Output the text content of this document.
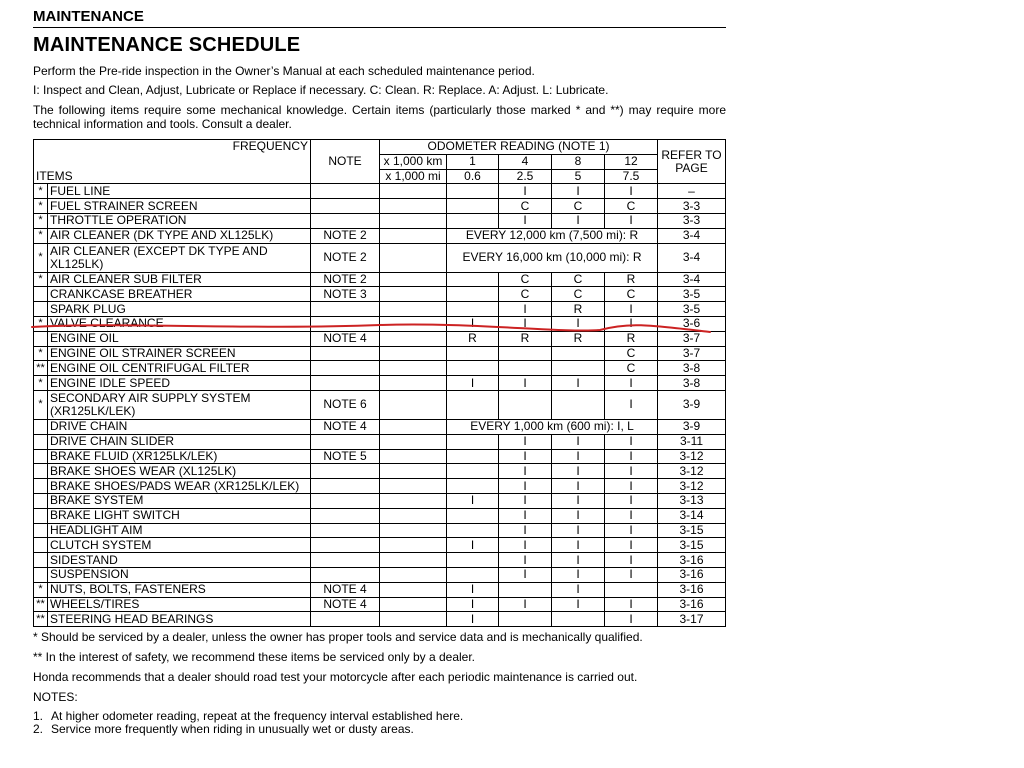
MAINTENANCE
MAINTENANCE SCHEDULE
Perform the Pre-ride inspection in the Owner’s Manual at each scheduled maintenance period.
I: Inspect and Clean, Adjust, Lubricate or Replace if necessary. C: Clean. R: Replace. A: Adjust. L: Lubricate.
The following items require some mechanical knowledge. Certain items (particularly those marked * and **) may require more technical information and tools. Consult a dealer.
FREQUENCY		NOTE	ODOMETER READING (NOTE 1)					REFER TO PAGE
ITEMS			x 1,000 km	1	4	8	12	
			x 1,000 mi	0.6	2.5	5	7.5	
*	FUEL LINE				I	I	I	–
*	FUEL STRAINER SCREEN				C	C	C	3-3
*	THROTTLE OPERATION				I	I	I	3-3
*	AIR CLEANER (DK TYPE AND XL125LK)	NOTE 2		EVERY 12,000 km (7,500 mi): R				3-4
*	AIR CLEANER (EXCEPT DK TYPE AND XL125LK)	NOTE 2		EVERY 16,000 km (10,000 mi): R				3-4
*	AIR CLEANER SUB FILTER	NOTE 2			C	C	R	3-4
	CRANKCASE BREATHER	NOTE 3			C	C	C	3-5
	SPARK PLUG				I	R	I	3-5
*	VALVE CLEARANCE			I	I	I	I	3-6
	ENGINE OIL	NOTE 4		R	R	R	R	3-7
*	ENGINE OIL STRAINER SCREEN						C	3-7
**	ENGINE OIL CENTRIFUGAL FILTER						C	3-8
*	ENGINE IDLE SPEED			I	I	I	I	3-8
*	SECONDARY AIR SUPPLY SYSTEM (XR125LK/LEK)	NOTE 6					I	3-9
	DRIVE CHAIN	NOTE 4		EVERY 1,000 km (600 mi): I, L				3-9
	DRIVE CHAIN SLIDER				I	I	I	3-11
	BRAKE FLUID (XR125LK/LEK)	NOTE 5			I	I	I	3-12
	BRAKE SHOES WEAR (XL125LK)				I	I	I	3-12
	BRAKE SHOES/PADS WEAR (XR125LK/LEK)				I	I	I	3-12
	BRAKE SYSTEM			I	I	I	I	3-13
	BRAKE LIGHT SWITCH				I	I	I	3-14
	HEADLIGHT AIM				I	I	I	3-15
	CLUTCH SYSTEM			I	I	I	I	3-15
	SIDESTAND				I	I	I	3-16
	SUSPENSION				I	I	I	3-16
*	NUTS, BOLTS, FASTENERS	NOTE 4		I		I		3-16
**	WHEELS/TIRES	NOTE 4		I	I	I	I	3-16
**	STEERING HEAD BEARINGS			I			I	3-17
* Should be serviced by a dealer, unless the owner has proper tools and service data and is mechanically qualified.
** In the interest of safety, we recommend these items be serviced only by a dealer.
Honda recommends that a dealer should road test your motorcycle after each periodic maintenance is carried out.
NOTES:
1. At higher odometer reading, repeat at the frequency interval established here.
2. Service more frequently when riding in unusually wet or dusty areas.
